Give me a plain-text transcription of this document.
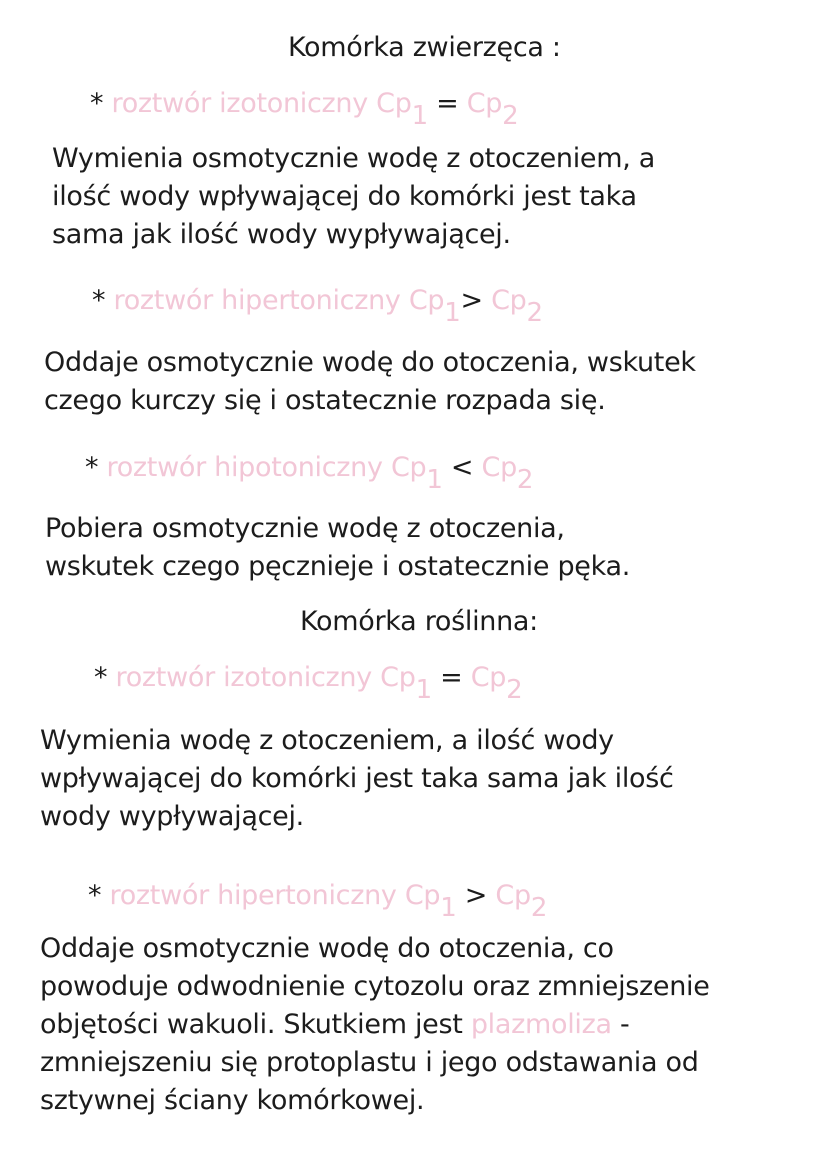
Komórka zwierzęca :
* roztwór izotoniczny Cp1 = Cp2
Wymienia osmotycznie wodę z otoczeniem, a
ilość wody wpływającej do komórki jest taka
sama jak ilość wody wypływającej.
* roztwór hipertoniczny Cp1> Cp2
Oddaje osmotycznie wodę do otoczenia, wskutek
czego kurczy się i ostatecznie rozpada się.
* roztwór hipotoniczny Cp1 < Cp2
Pobiera osmotycznie wodę z otoczenia,
wskutek czego pęcznieje i ostatecznie pęka.
Komórka roślinna:
* roztwór izotoniczny Cp1 = Cp2
Wymienia wodę z otoczeniem, a ilość wody
wpływającej do komórki jest taka sama jak ilość
wody wypływającej.
* roztwór hipertoniczny Cp1 > Cp2
Oddaje osmotycznie wodę do otoczenia, co
powoduje odwodnienie cytozolu oraz zmniejszenie
objętości wakuoli. Skutkiem jest plazmoliza -
zmniejszeniu się protoplastu i jego odstawania od
sztywnej ściany komórkowej.
